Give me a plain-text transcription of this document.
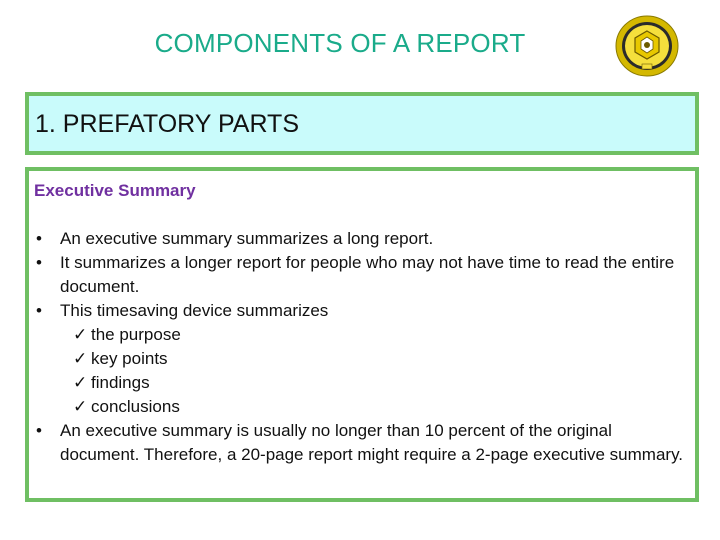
COMPONENTS OF A REPORT
1. PREFATORY PARTS
Executive Summary
• An executive summary summarizes a long report.
• It summarizes a longer report for people who may not have time to read the entire document.
• This timesaving device summarizes
✓ the purpose
✓ key points
✓ findings
✓ conclusions
• An executive summary is usually no longer than 10 percent of the original document. Therefore, a 20-page report might require a 2-page executive summary.
